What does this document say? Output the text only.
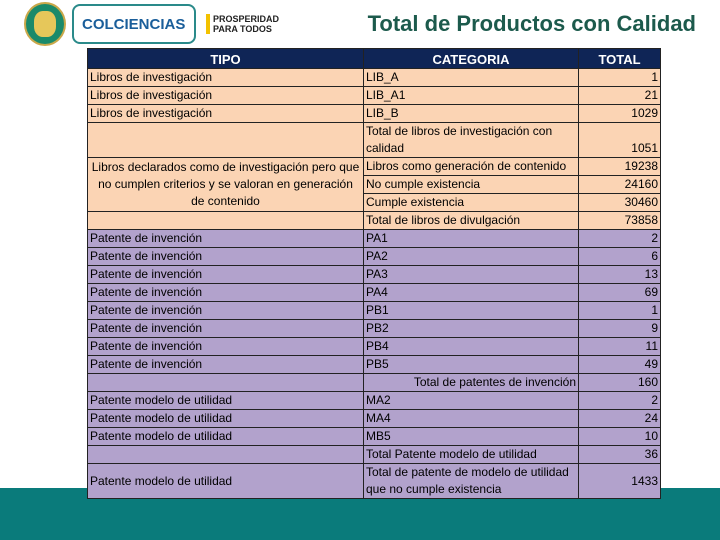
COLCIENCIAS	PROSPERIDAD
PARA TODOS	Total de Productos con Calidad
TIPO	CATEGORIA	TOTAL
Libros de investigación	LIB_A	1
Libros de investigación	LIB_A1	21
Libros de investigación	LIB_B	1029
	Total de libros de investigación con calidad	1051
Libros declarados como de investigación pero que no cumplen criterios y se valoran en generación de contenido	Libros como generación de contenido	19238
	No cumple existencia	24160
	Cumple existencia	30460
	Total de libros de divulgación	73858
Patente de invención	PA1	2
Patente de invención	PA2	6
Patente de invención	PA3	13
Patente de invención	PA4	69
Patente de invención	PB1	1
Patente de invención	PB2	9
Patente de invención	PB4	11
Patente de invención	PB5	49
	Total de patentes de invención	160
Patente modelo de utilidad	MA2	2
Patente modelo de utilidad	MA4	24
Patente modelo de utilidad	MB5	10
	Total Patente modelo de utilidad	36
Patente modelo de utilidad	Total de patente de modelo de utilidad que no cumple existencia	1433
